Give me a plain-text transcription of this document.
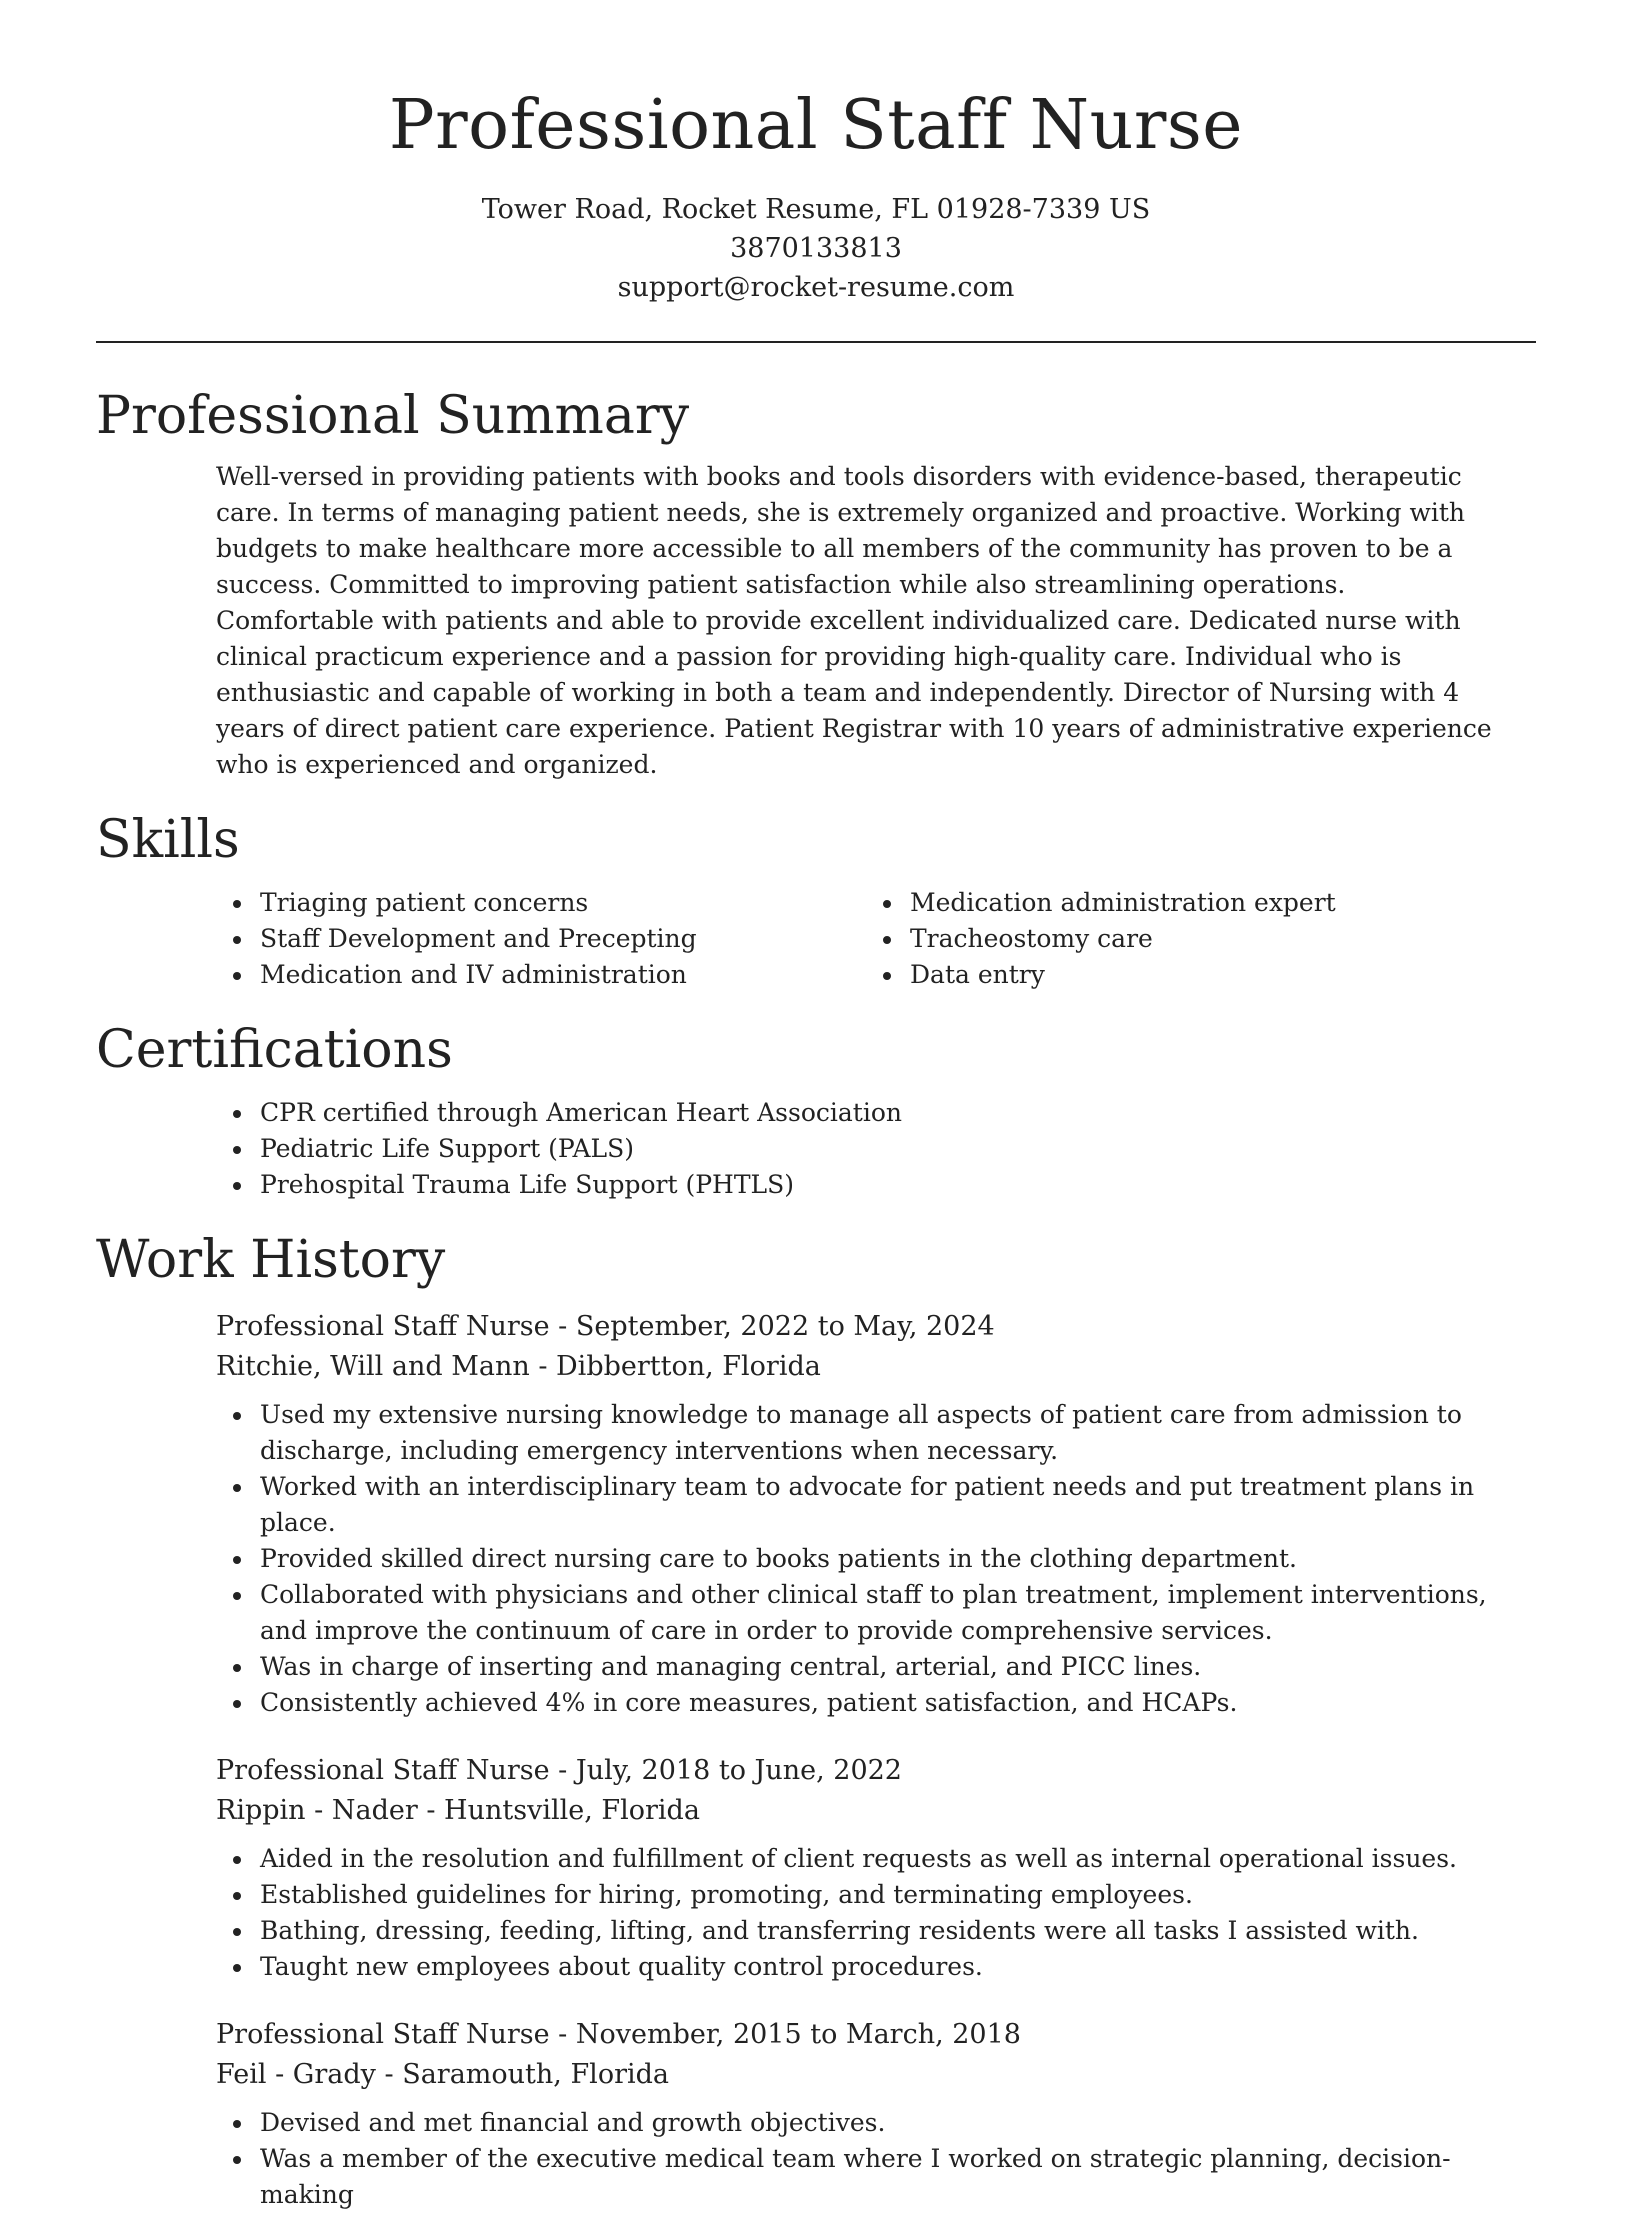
Professional Staff Nurse
Tower Road, Rocket Resume, FL 01928-7339 US
3870133813
support@rocket-resume.com
Professional Summary

Well-versed in providing patients with books and tools disorders with evidence-based, therapeutic care. In terms of managing patient needs, she is extremely organized and proactive. Working with budgets to make healthcare more accessible to all members of the community has proven to be a success. Committed to improving patient satisfaction while also streamlining operations. Comfortable with patients and able to provide excellent individualized care. Dedicated nurse with clinical practicum experience and a passion for providing high-quality care. Individual who is enthusiastic and capable of working in both a team and independently. Director of Nursing with 4 years of direct patient care experience. Patient Registrar with 10 years of administrative experience who is experienced and organized.

Skills
Triaging patient concerns
Staff Development and Precepting
Medication and IV administration
Medication administration expert
Tracheostomy care
Data entry
Certifications
CPR certified through American Heart Association
Pediatric Life Support (PALS)
Prehospital Trauma Life Support (PHTLS)
Work History
Professional Staff Nurse - September, 2022 to May, 2024
Ritchie, Will and Mann - Dibbertton, Florida
Used my extensive nursing knowledge to manage all aspects of patient care from admission to discharge, including emergency interventions when necessary.
Worked with an interdisciplinary team to advocate for patient needs and put treatment plans in place.
Provided skilled direct nursing care to books patients in the clothing department.
Collaborated with physicians and other clinical staff to plan treatment, implement interventions, and improve the continuum of care in order to provide comprehensive services.
Was in charge of inserting and managing central, arterial, and PICC lines.
Consistently achieved 4% in core measures, patient satisfaction, and HCAPs.
Professional Staff Nurse - July, 2018 to June, 2022
Rippin - Nader - Huntsville, Florida
Aided in the resolution and fulfillment of client requests as well as internal operational issues.
Established guidelines for hiring, promoting, and terminating employees.
Bathing, dressing, feeding, lifting, and transferring residents were all tasks I assisted with.
Taught new employees about quality control procedures.
Professional Staff Nurse - November, 2015 to March, 2018
Feil - Grady - Saramouth, Florida
Devised and met financial and growth objectives.
Was a member of the executive medical team where I worked on strategic planning, decision-making
